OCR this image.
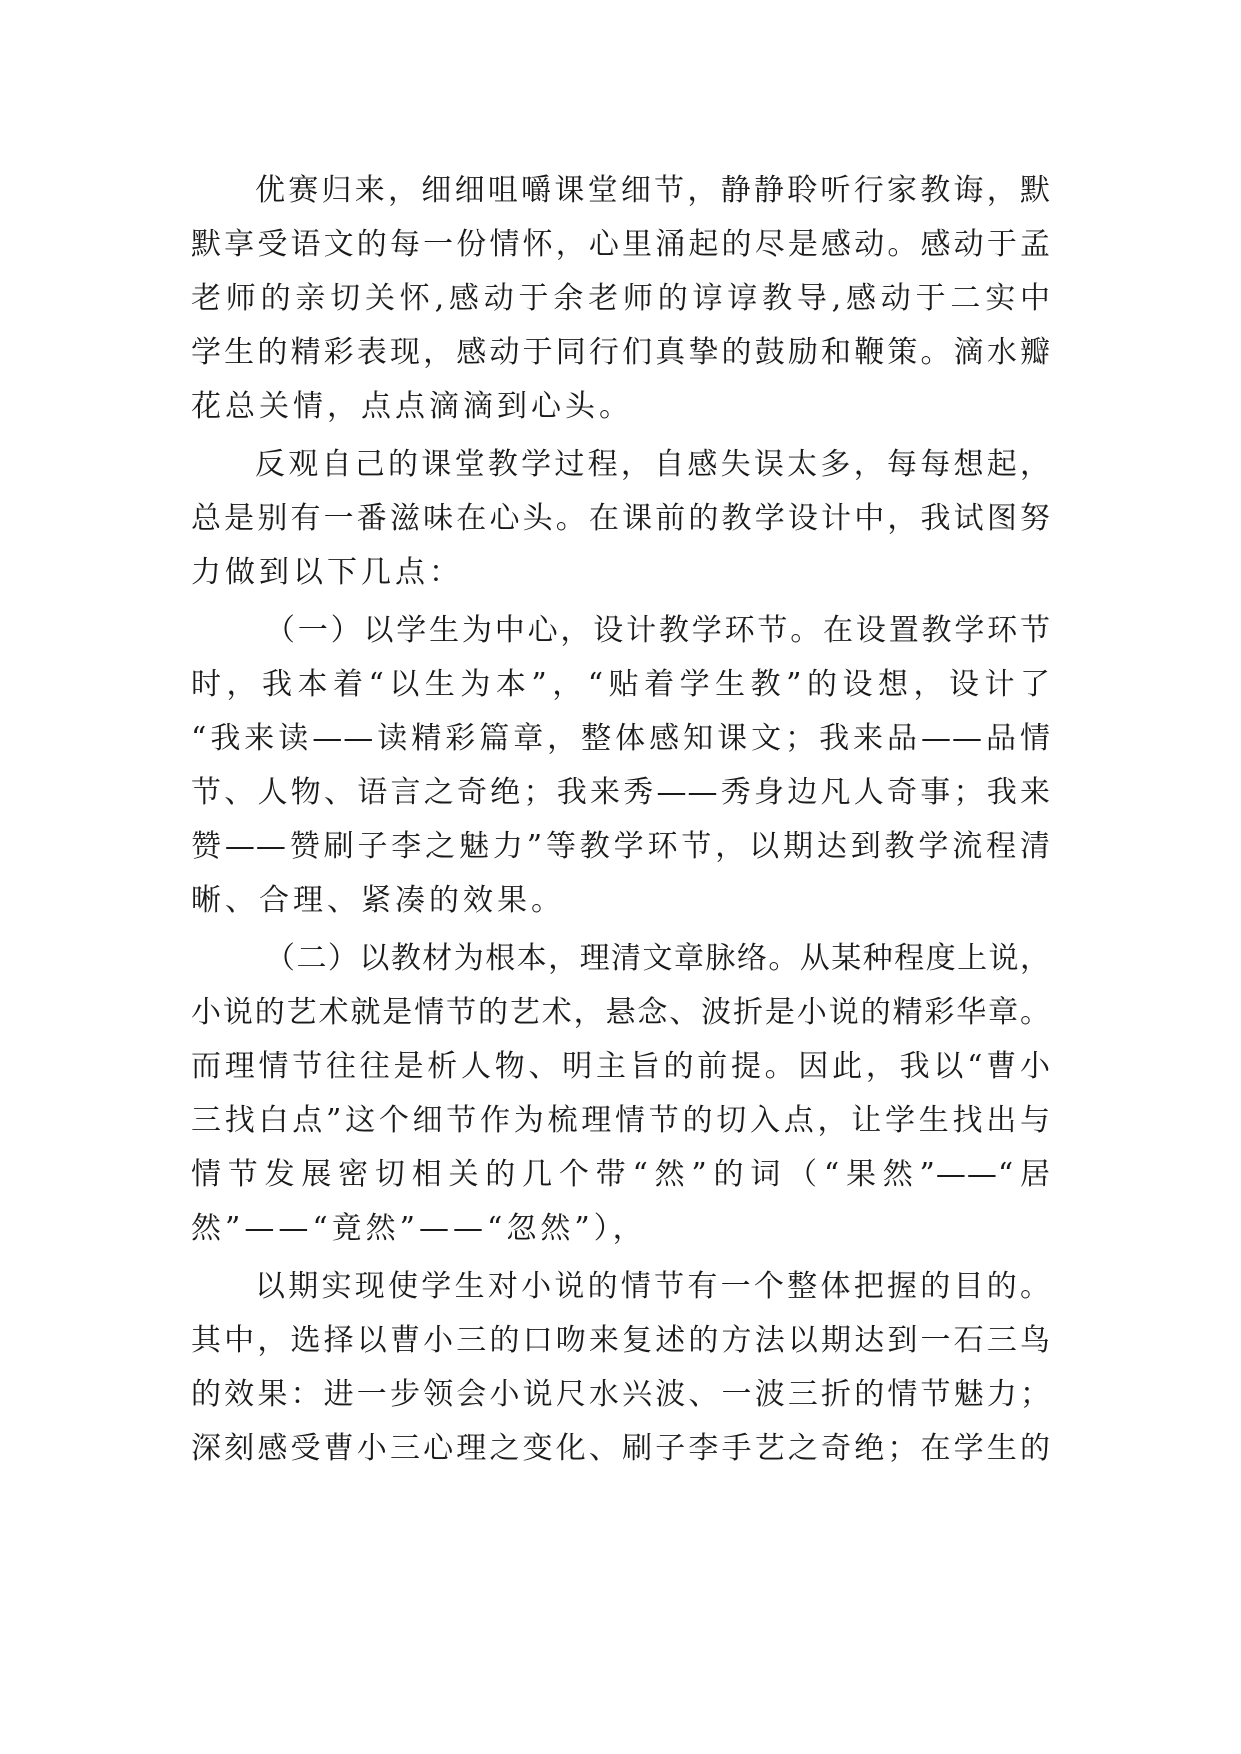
优赛归来，细细咀嚼课堂细节，静静聆听行家教诲，默
默享受语文的每一份情怀，心里涌起的尽是感动。感动于孟
老师的亲切关怀,感动于余老师的谆谆教导,感动于二实中
学生的精彩表现，感动于同行们真挚的鼓励和鞭策。滴水瓣
花总关情，点点滴滴到心头。
反观自己的课堂教学过程，自感失误太多，每每想起，
总是别有一番滋味在心头。在课前的教学设计中，我试图努
力做到以下几点：
（一）以学生为中心，设计教学环节。在设置教学环节
时，我本着“以生为本”，“贴着学生教”的设想，设计了
“我来读——读精彩篇章，整体感知课文；我来品——品情
节、人物、语言之奇绝；我来秀——秀身边凡人奇事；我来
赞——赞刷子李之魅力”等教学环节，以期达到教学流程清
晰、合理、紧凑的效果。
（二）以教材为根本，理清文章脉络。从某种程度上说，
小说的艺术就是情节的艺术，悬念、波折是小说的精彩华章。
而理情节往往是析人物、明主旨的前提。因此，我以“曹小
三找白点”这个细节作为梳理情节的切入点，让学生找出与
情节发展密切相关的几个带“然”的词（“果然”——“居
然”——“竟然”——“忽然”），
以期实现使学生对小说的情节有一个整体把握的目的。
其中，选择以曹小三的口吻来复述的方法以期达到一石三鸟
的效果：进一步领会小说尺水兴波、一波三折的情节魅力；
深刻感受曹小三心理之变化、刷子李手艺之奇绝；在学生的
